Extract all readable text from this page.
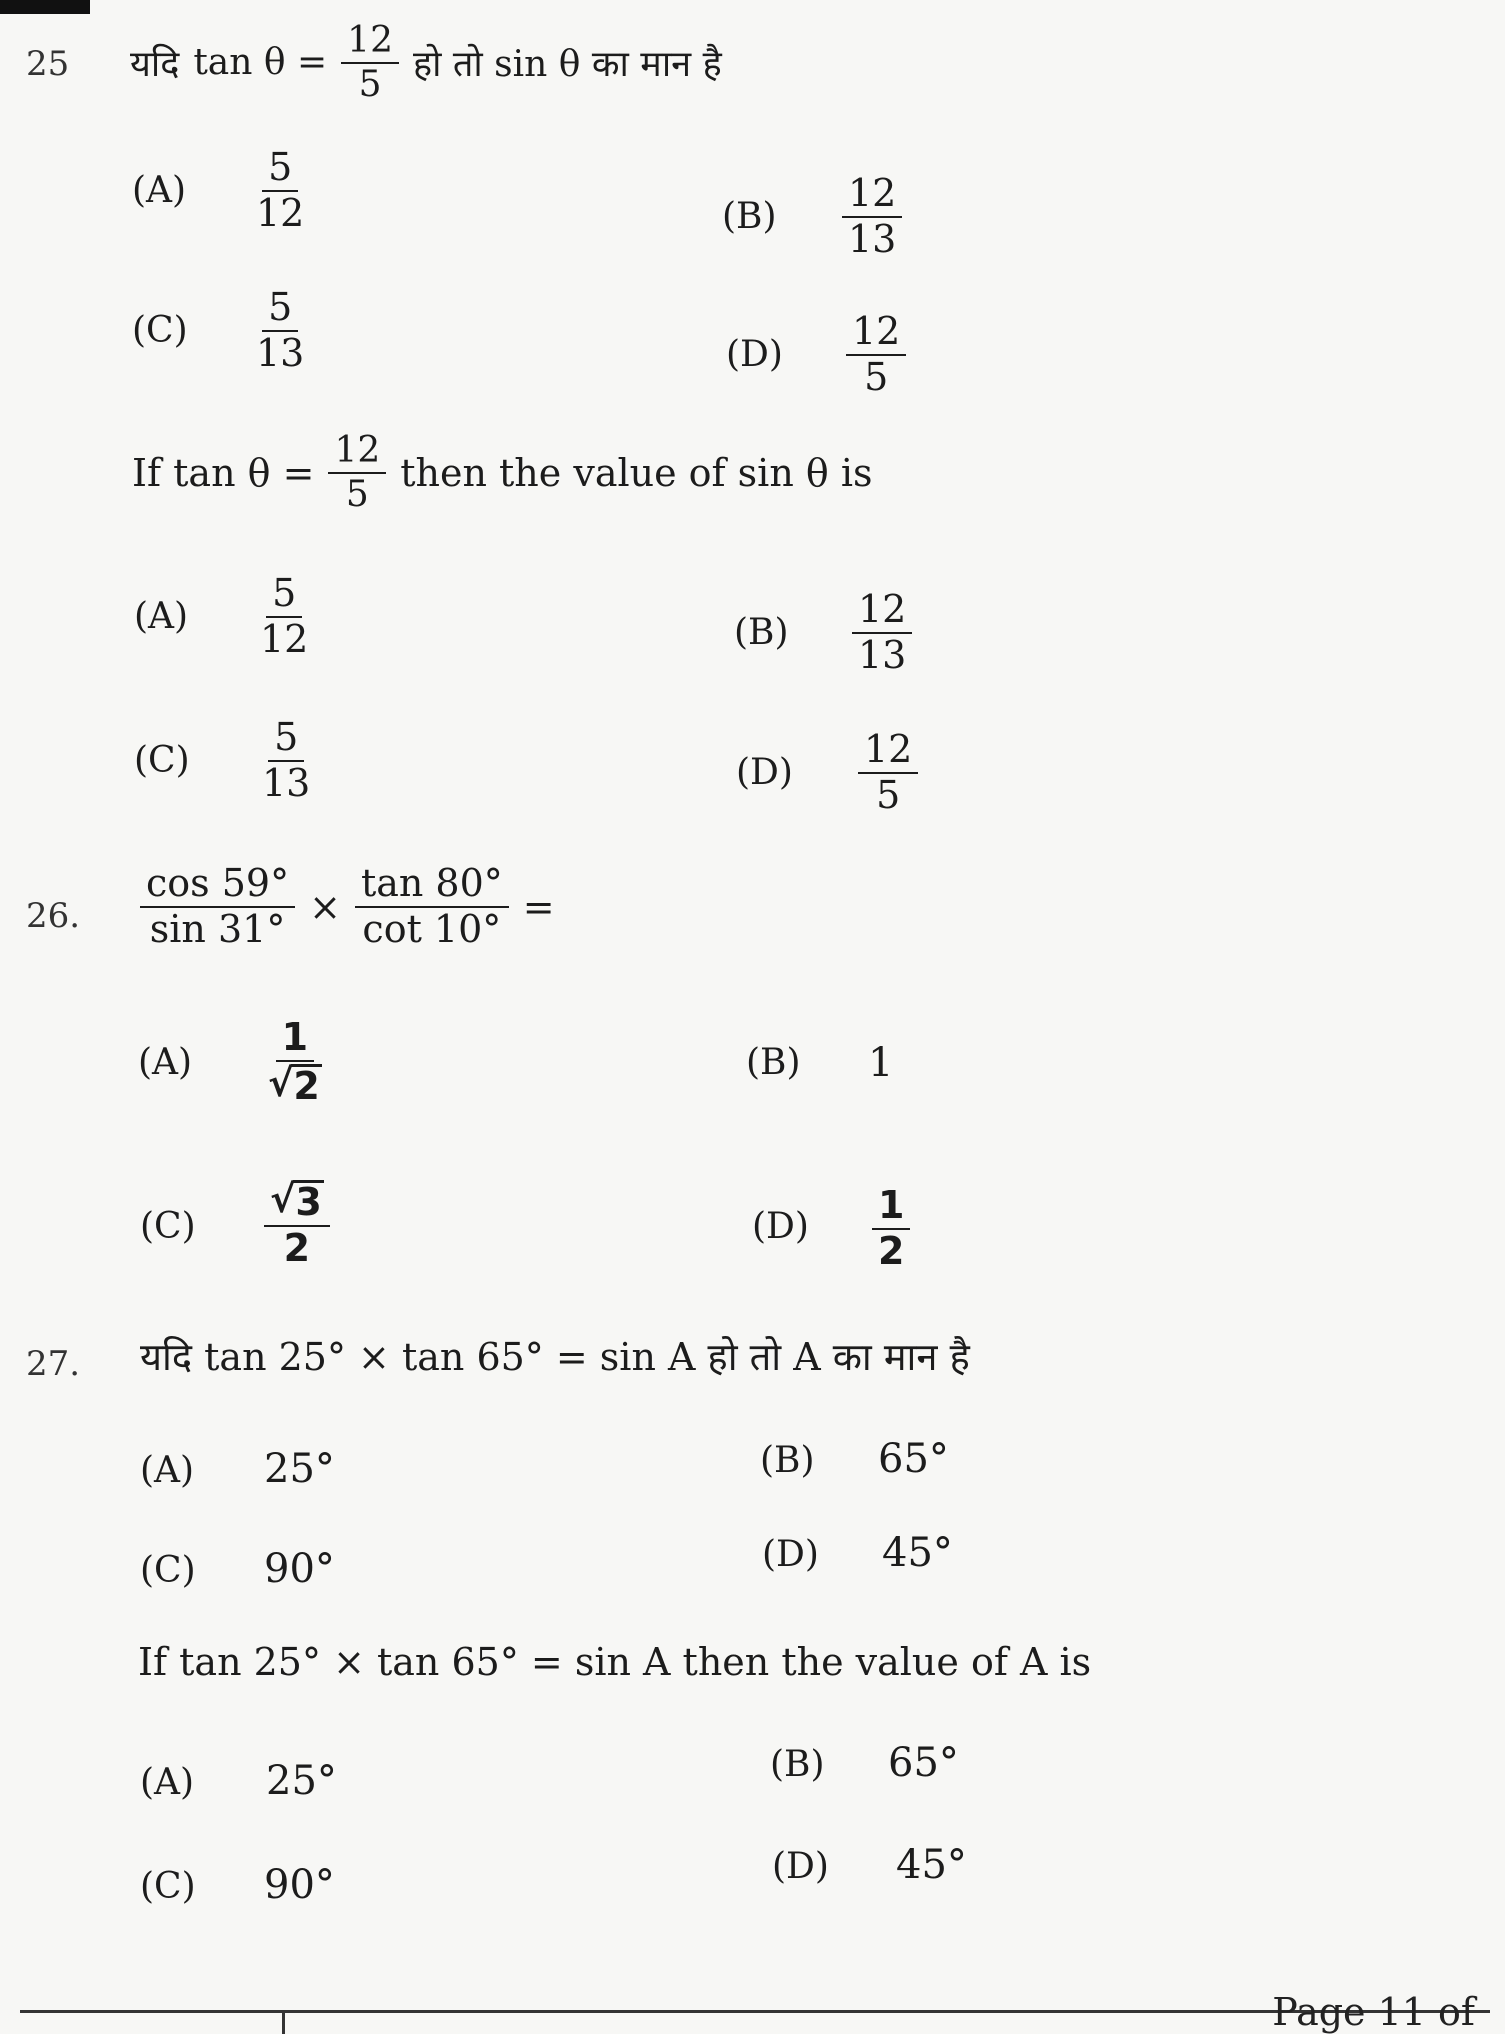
25 यदि $\tan \theta = \frac{12}{5}$ हो तो sin θ का मान है
$(A) \frac{5}{12}$	$(B) \frac{12}{13}$
$(C) \frac{5}{13}$	$(D) \frac{12}{5}$
If $\tan \theta = \frac{12}{5}$ then the value of sin θ is
$(A) \frac{5}{12}$	$(B) \frac{12}{13}$
$(C) \frac{5}{13}$	$(D) \frac{12}{5}$
26. $\frac{\cos 59^\circ}{\sin 31^\circ} \times \frac{\tan 80^\circ}{\cot 10^\circ}$ =
$(A) \frac{1}{√ 2}$	(B) 1
$(C) \frac{√ 3}{2}$	$(D) \frac{1}{2}$
27. यदि tan 25° × tan 65° = sin A हो तो A का मान है
(A) 25°	(B) 65°
(C) 90°	(D) 45°
If tan 25° × tan 65° = sin A then the value of A is
(A) 25°	(B) 65°
(C) 90°	(D) 45°
Page 11 of
